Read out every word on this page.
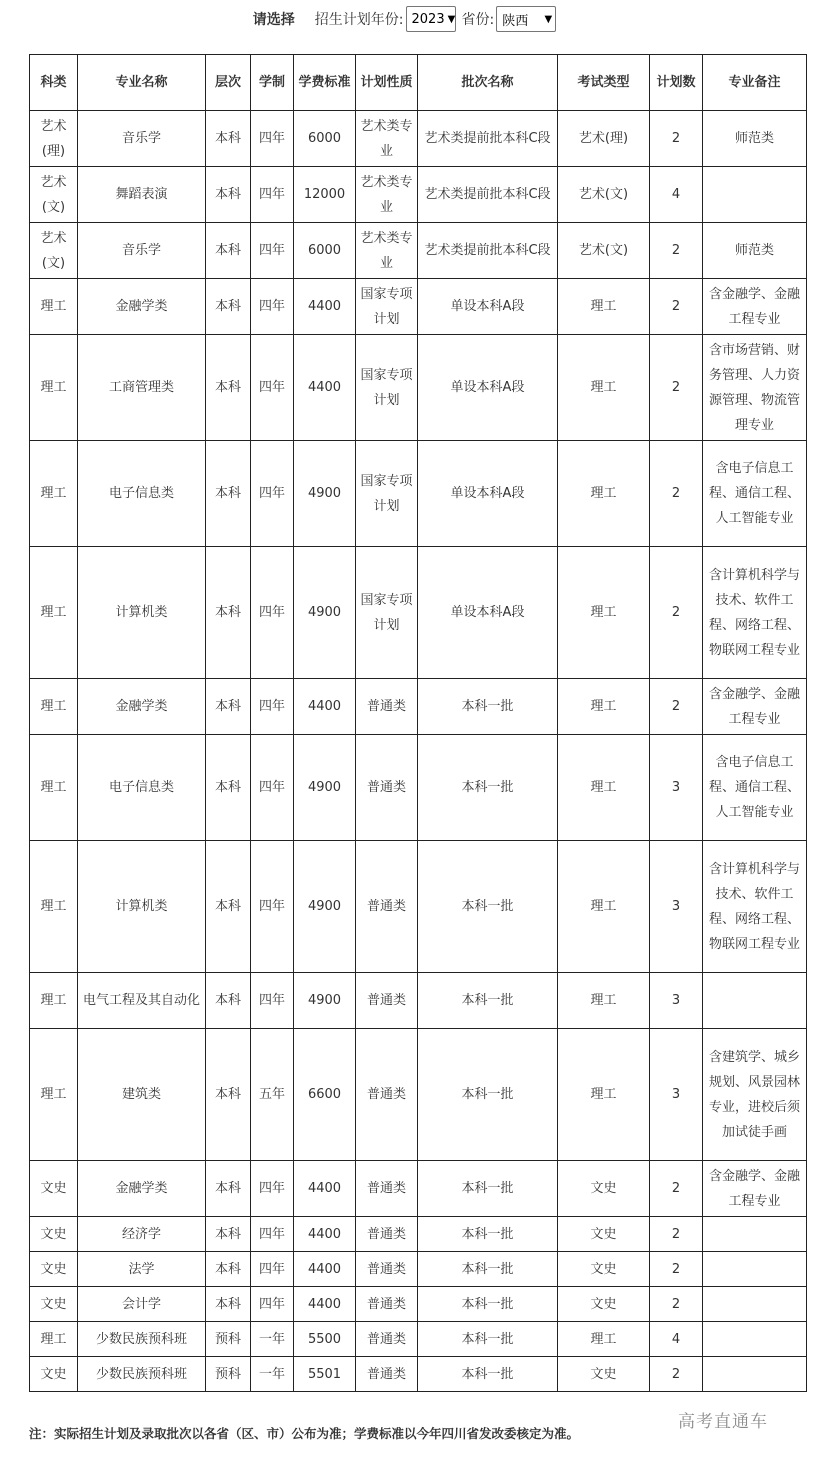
请选择 招生计划年份: 2023 ▼ 省份: 陕西 ▼
科类	专业名称	层次	学制	学费标准	计划性质	批次名称	考试类型	计划数	专业备注
艺术(理)	音乐学	本科	四年	6000	艺术类专业	艺术类提前批本科C段	艺术(理)	2	师范类
艺术(文)	舞蹈表演	本科	四年	12000	艺术类专业	艺术类提前批本科C段	艺术(文)	4	
艺术(文)	音乐学	本科	四年	6000	艺术类专业	艺术类提前批本科C段	艺术(文)	2	师范类
理工	金融学类	本科	四年	4400	国家专项计划	单设本科A段	理工	2	含金融学、金融工程专业
理工	工商管理类	本科	四年	4400	国家专项计划	单设本科A段	理工	2	含市场营销、财务管理、人力资源管理、物流管理专业
理工	电子信息类	本科	四年	4900	国家专项计划	单设本科A段	理工	2	含电子信息工程、通信工程、人工智能专业
理工	计算机类	本科	四年	4900	国家专项计划	单设本科A段	理工	2	含计算机科学与技术、软件工程、网络工程、物联网工程专业
理工	金融学类	本科	四年	4400	普通类	本科一批	理工	2	含金融学、金融工程专业
理工	电子信息类	本科	四年	4900	普通类	本科一批	理工	3	含电子信息工程、通信工程、人工智能专业
理工	计算机类	本科	四年	4900	普通类	本科一批	理工	3	含计算机科学与技术、软件工程、网络工程、物联网工程专业
理工	电气工程及其自动化	本科	四年	4900	普通类	本科一批	理工	3	
理工	建筑类	本科	五年	6600	普通类	本科一批	理工	3	含建筑学、城乡规划、风景园林专业，进校后须加试徒手画
文史	金融学类	本科	四年	4400	普通类	本科一批	文史	2	含金融学、金融工程专业
文史	经济学	本科	四年	4400	普通类	本科一批	文史	2	
文史	法学	本科	四年	4400	普通类	本科一批	文史	2	
文史	会计学	本科	四年	4400	普通类	本科一批	文史	2	
理工	少数民族预科班	预科	一年	5500	普通类	本科一批	理工	4	
文史	少数民族预科班	预科	一年	5501	普通类	本科一批	文史	2	
注：实际招生计划及录取批次以各省（区、市）公布为准；学费标准以今年四川省发改委核定为准。
高考直通车
